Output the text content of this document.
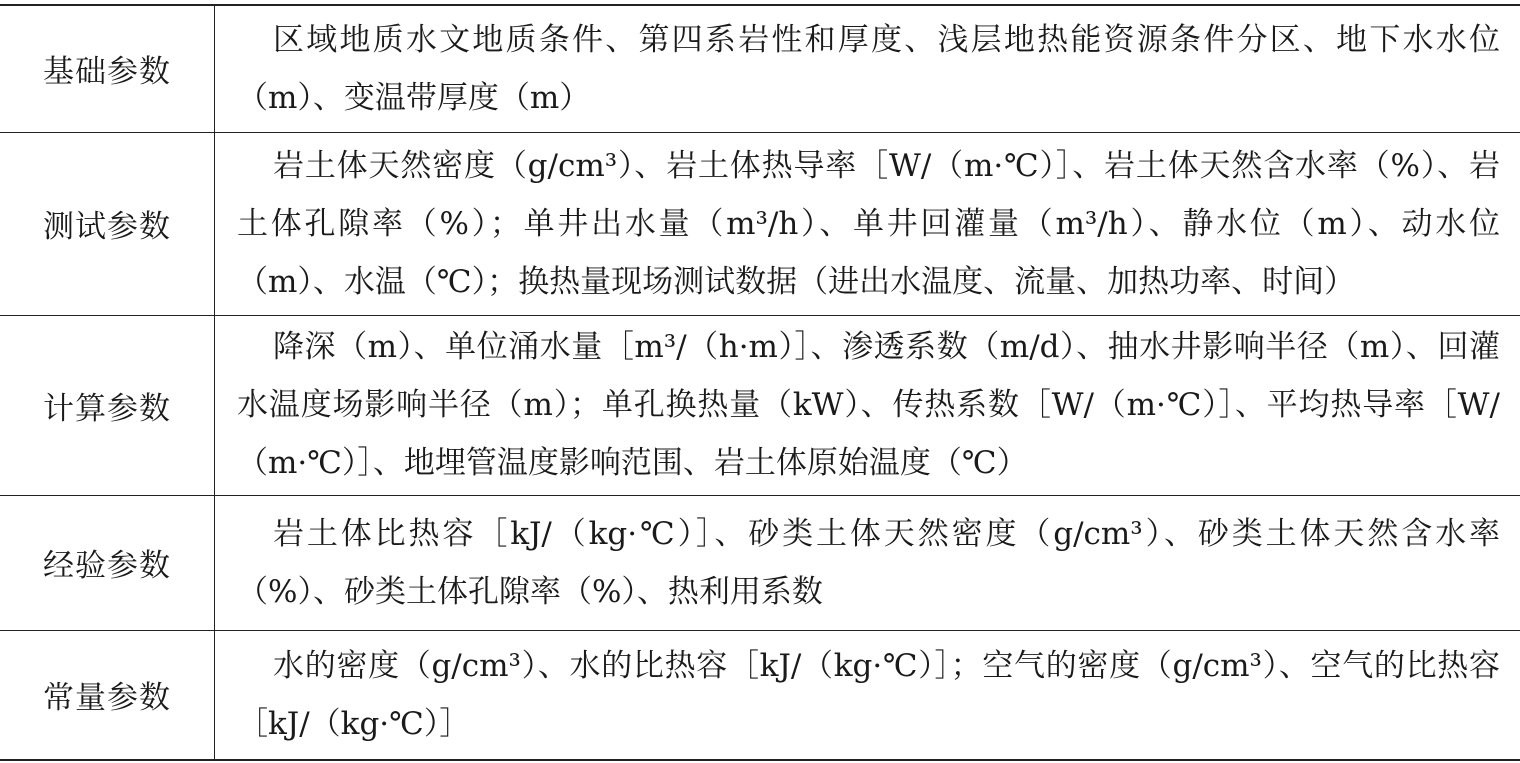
基础参数	区域地质水文地质条件、第四系岩性和厚度、浅层地热能资源条件分区、地下水水位（m）、变温带厚度（m）
测试参数	岩土体天然密度（g/cm³）、岩土体热导率［W/（m·℃）］、岩土体天然含水率（%）、岩土体孔隙率（%）；单井出水量（m³/h）、单井回灌量（m³/h）、静水位（m）、动水位（m）、水温（℃）；换热量现场测试数据（进出水温度、流量、加热功率、时间）
计算参数	降深（m）、单位涌水量［m³/（h·m）］、渗透系数（m/d）、抽水井影响半径（m）、回灌水温度场影响半径（m）；单孔换热量（kW）、传热系数［W/（m·℃）］、平均热导率［W/（m·℃）］、地埋管温度影响范围、岩土体原始温度（℃）
经验参数	岩土体比热容［kJ/（kg·℃）］、砂类土体天然密度（g/cm³）、砂类土体天然含水率（%）、砂类土体孔隙率（%）、热利用系数
常量参数	水的密度（g/cm³）、水的比热容［kJ/（kg·℃）］；空气的密度（g/cm³）、空气的比热容［kJ/（kg·℃）］
